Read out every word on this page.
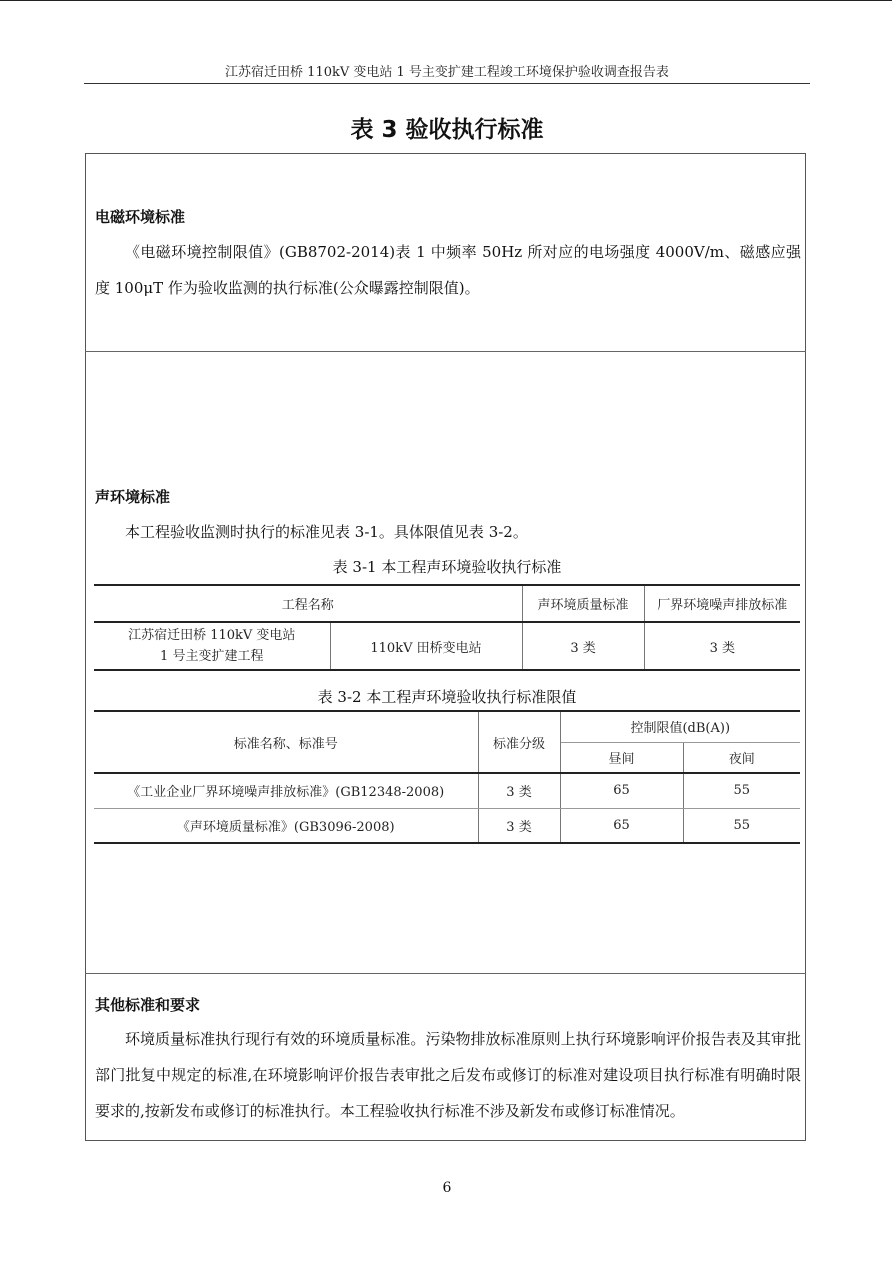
江苏宿迁田桥 110kV 变电站 1 号主变扩建工程竣工环境保护验收调查报告表
表 3 验收执行标准
电磁环境标准
《电磁环境控制限值》(GB8702-2014)表 1 中频率 50Hz 所对应的电场强度 4000V/m、磁感应强度 100μT 作为验收监测的执行标准(公众曝露控制限值)。
声环境标准
本工程验收监测时执行的标准见表 3-1。具体限值见表 3-2。
表 3-1 本工程声环境验收执行标准
工程名称		声环境质量标准	厂界环境噪声排放标准

江苏宿迁田桥 110kV 变电站
1 号主变扩建工程	110kV 田桥变电站	3 类	3 类
表 3-2 本工程声环境验收执行标准限值
标准名称、标准号	标准分级	控制限值(dB(A))	
		昼间	夜间
《工业企业厂界环境噪声排放标准》(GB12348-2008)	3 类	65	55
《声环境质量标准》(GB3096-2008)	3 类	65	55
其他标准和要求
环境质量标准执行现行有效的环境质量标准。污染物排放标准原则上执行环境影响评价报告表及其审批部门批复中规定的标准,在环境影响评价报告表审批之后发布或修订的标准对建设项目执行标准有明确时限要求的,按新发布或修订的标准执行。本工程验收执行标准不涉及新发布或修订标准情况。
6
